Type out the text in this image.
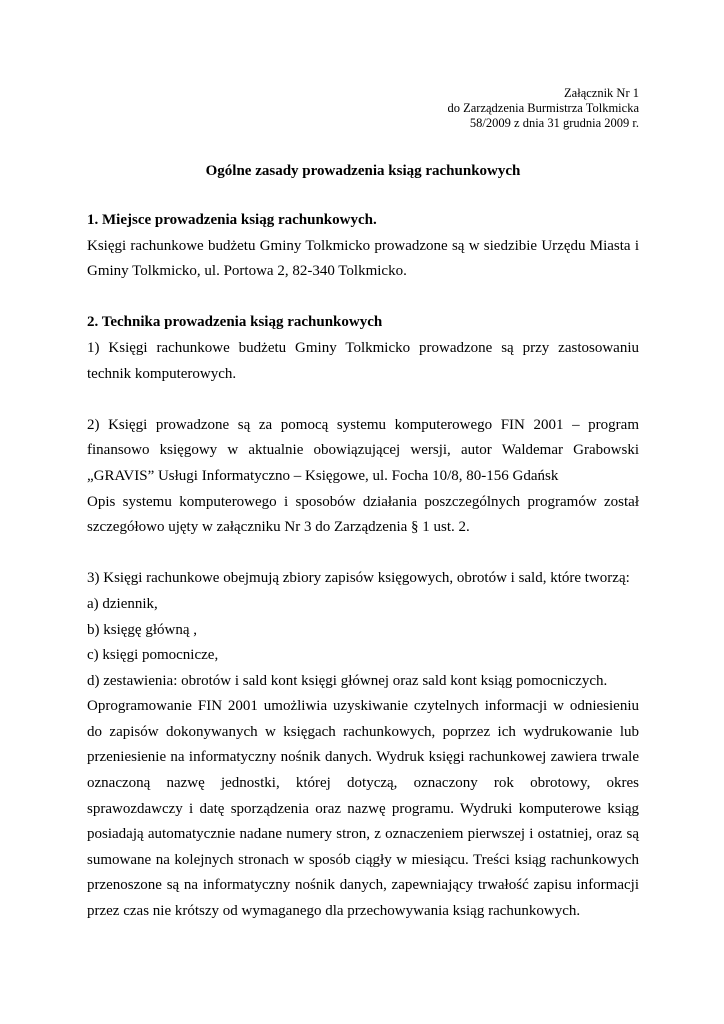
Załącznik Nr 1
do Zarządzenia Burmistrza Tolkmicka
58/2009 z dnia 31 grudnia 2009 r.
Ogólne zasady prowadzenia ksiąg rachunkowych

1. Miejsce prowadzenia ksiąg rachunkowych.

Księgi rachunkowe budżetu Gminy Tolkmicko prowadzone są w siedzibie Urzędu Miasta i Gminy Tolkmicko, ul. Portowa 2, 82-340 Tolkmicko.

2. Technika prowadzenia ksiąg rachunkowych

1) Księgi rachunkowe budżetu Gminy Tolkmicko prowadzone są przy zastosowaniu technik komputerowych.

2) Księgi prowadzone są za pomocą systemu komputerowego FIN 2001 – program finansowo księgowy w aktualnie obowiązującej wersji, autor Waldemar Grabowski „GRAVIS” Usługi Informatyczno – Księgowe, ul. Focha 10/8, 80-156 Gdańsk

Opis systemu komputerowego i sposobów działania poszczególnych programów został szczegółowo ujęty w załączniku Nr 3 do Zarządzenia § 1 ust. 2.

3) Księgi rachunkowe obejmują zbiory zapisów księgowych, obrotów i sald, które tworzą:

a) dziennik,

b) księgę główną ,

c) księgi pomocnicze,

d) zestawienia: obrotów i sald kont księgi głównej oraz sald kont ksiąg pomocniczych.

Oprogramowanie FIN 2001 umożliwia uzyskiwanie czytelnych informacji w odniesieniu do zapisów dokonywanych w księgach rachunkowych, poprzez ich wydrukowanie lub przeniesienie na informatyczny nośnik danych. Wydruk księgi rachunkowej zawiera trwale oznaczoną nazwę jednostki, której dotyczą, oznaczony rok obrotowy, okres sprawozdawczy i datę sporządzenia oraz nazwę programu. Wydruki komputerowe ksiąg posiadają automatycznie nadane numery stron, z oznaczeniem pierwszej i ostatniej, oraz są sumowane na kolejnych stronach w sposób ciągły w miesiącu. Treści ksiąg rachunkowych przenoszone są na informatyczny nośnik danych, zapewniający trwałość zapisu informacji przez czas nie krótszy od wymaganego dla przechowywania ksiąg rachunkowych.
